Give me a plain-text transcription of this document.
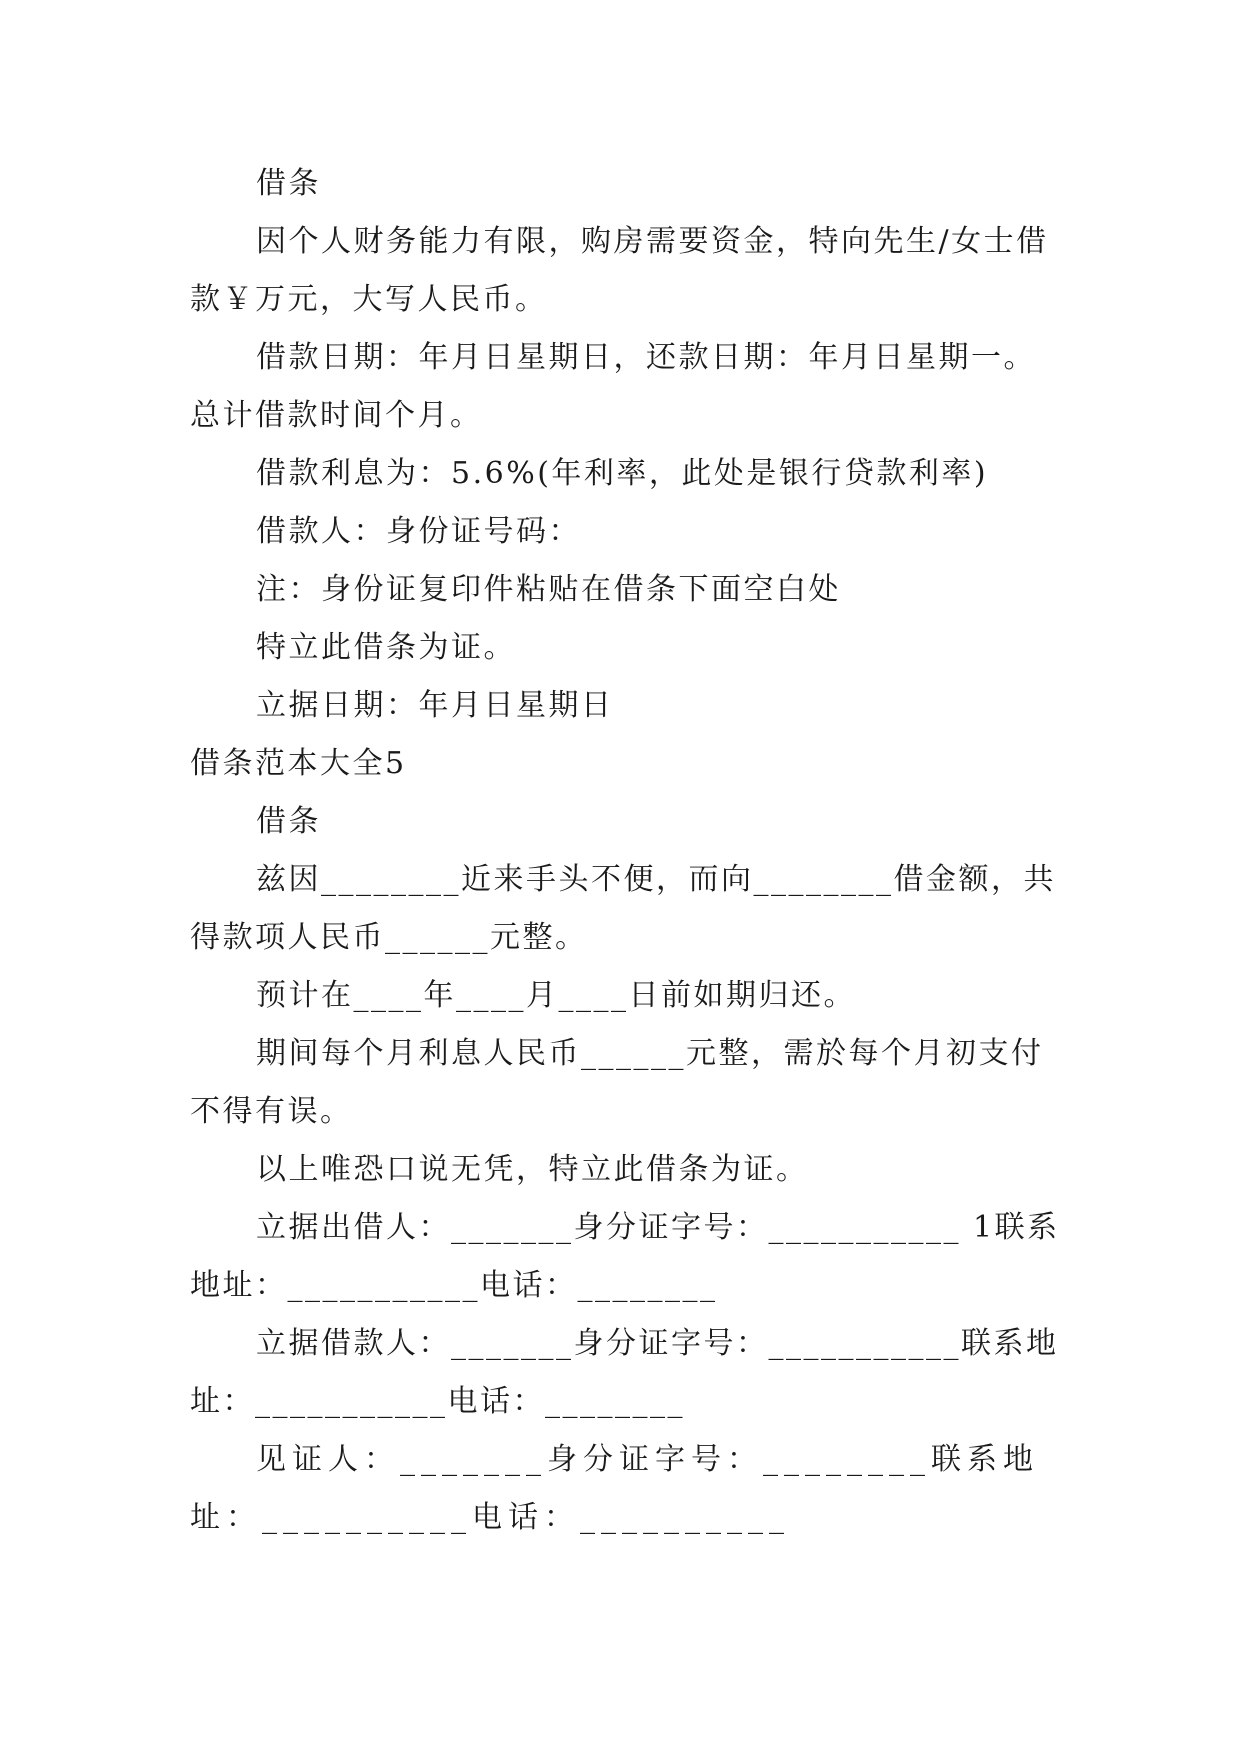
借条

因个人财务能力有限，购房需要资金，特向先生/女士借款￥万元，大写人民币。

借款日期：年月日星期日，还款日期：年月日星期一。总计借款时间个月。

借款利息为：5.6%(年利率，此处是银行贷款利率)

借款人：身份证号码：

注：身份证复印件粘贴在借条下面空白处

特立此借条为证。

立据日期：年月日星期日

借条范本大全5

借条

兹因________近来手头不便，而向________借金额，共得款项人民币______元整。

预计在____年____月____日前如期归还。

期间每个月利息人民币______元整，需於每个月初支付不得有误。

以上唯恐口说无凭，特立此借条为证。

立据出借人：_______身分证字号：___________ 1联系地址：___________电话：________

立据借款人：_______身分证字号：___________联系地址：___________电话：________

见证人：_______身分证字号：________联系地址：__________电话：__________
